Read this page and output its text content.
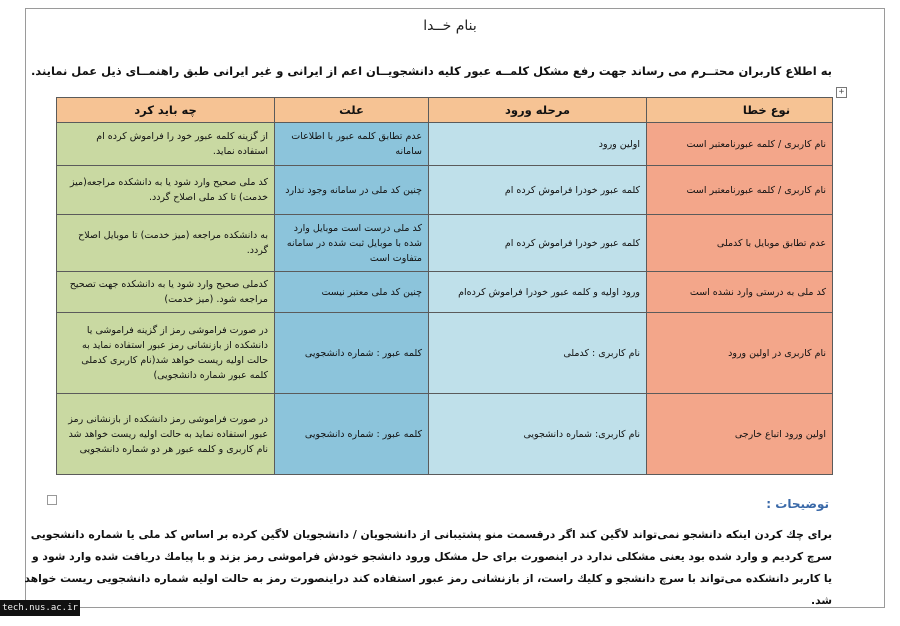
بنام خــدا
به اطلاع کاربران محتــرم می رساند جهت رفع مشکل کلمــه عبور کلیه دانشجویــان اعم از ایرانی و غیر ایرانی طبق راهنمــای ذیل عمل نمایند.
+
نوع خطا	مرحله ورود	علت	چه باید کرد
نام کاربری / کلمه عبورنامعتبر است	اولین ورود	عدم تطابق کلمه عبور با اطلاعات سامانه	از گزینه کلمه عبور خود را فراموش کرده ام استفاده نماید.
نام کاربری / کلمه عبورنامعتبر است	کلمه عبور خودرا فراموش کرده ام	چنین کد ملی در سامانه وجود ندارد	کد ملی صحیح وارد شود یا به دانشکده مراجعه(میز خدمت) تا کد ملی اصلاح گردد.
عدم تطابق موبایل با کدملی	کلمه عبور خودرا فراموش کرده ام	کد ملی درست است موبایل وارد شده با موبایل ثبت شده در سامانه متفاوت است	به دانشکده مراجعه (میز خدمت) تا موبایل اصلاح گردد.
کد ملی به درستی وارد نشده است	ورود اولیه و کلمه عبور خودرا فراموش کرده‌ام	چنین کد ملی معتبر نیست	کدملی صحیح وارد شود یا به دانشکده جهت تصحیح مراجعه شود. (میز خدمت)
نام کاربری در اولین ورود	نام کاربری : کدملی	کلمه عبور : شماره دانشجویی	در صورت فراموشی رمز از گزینه فراموشی یا دانشکده از بازنشانی رمز عبور استفاده نماید به حالت اولیه ریست خواهد شد(نام کاربری کدملی کلمه عبور شماره دانشجویی)
اولین ورود اتباع خارجی	نام کاربری: شماره دانشجویی	کلمه عبور : شماره دانشجویی	در صورت فراموشی رمز دانشکده از بازنشانی رمز عبور استفاده نماید به حالت اولیه ریست خواهد شد نام کاربری و کلمه عبور هر دو شماره دانشجویی
توضیحات :
برای چك كردن اینكه دانشجو نمی‌تواند لاگین كند اگر درقسمت منو پشتیبانی از دانشجویان / دانشجویان لاگین كرده بر اساس كد ملی یا شماره دانشجویی
سرچ كردیم و وارد شده بود یعنی مشكلی ندارد در اینصورت برای حل مشكل ورود دانشجو خودش فراموشی رمز بزند و با پیامك دریافت شده وارد شود و
یا كاربر دانشكده می‌تواند با سرچ دانشجو و كلیك راست، از بازنشانی رمز عبور استفاده كند دراینصورت رمز به حالت اولیه شماره دانشجویی ریست خواهد
شد.
tech.nus.ac.ir
